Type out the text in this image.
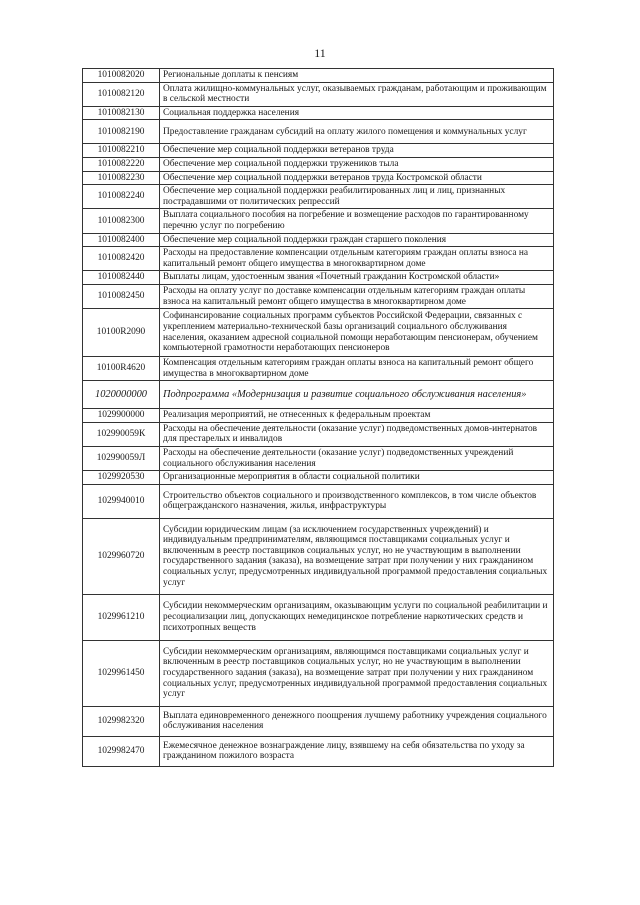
11
1010082020	Региональные доплаты к пенсиям
1010082120	Оплата жилищно-коммунальных услуг, оказываемых гражданам, работающим и проживающим в сельской местности
1010082130	Социальная поддержка населения
1010082190	Предоставление гражданам субсидий на оплату жилого помещения и коммунальных услуг
1010082210	Обеспечение мер социальной поддержки ветеранов труда
1010082220	Обеспечение мер социальной поддержки тружеников тыла
1010082230	Обеспечение мер социальной поддержки ветеранов труда Костромской области
1010082240	Обеспечение мер социальной поддержки реабилитированных лиц и лиц, признанных пострадавшими от политических репрессий
1010082300	Выплата социального пособия на погребение и возмещение расходов по гарантированному перечню услуг по погребению
1010082400	Обеспечение мер социальной поддержки граждан старшего поколения
1010082420	Расходы на предоставление компенсации отдельным категориям граждан оплаты взноса на капитальный ремонт общего имущества в многоквартирном доме
1010082440	Выплаты лицам, удостоенным звания «Почетный гражданин Костромской области»
1010082450	Расходы на оплату услуг по доставке компенсации отдельным категориям граждан оплаты взноса на капитальный ремонт общего имущества в многоквартирном доме
10100R2090	Софинансирование социальных программ субъектов Российской Федерации, связанных с укреплением материально-технической базы организаций социального обслуживания населения, оказанием адресной социальной помощи неработающим пенсионерам, обучением компьютерной грамотности неработающих пенсионеров
10100R4620	Компенсация отдельным категориям граждан оплаты взноса на капитальный ремонт общего имущества в многоквартирном доме
1020000000	Подпрограмма «Модернизация и развитие социального обслуживания населения»
1029900000	Реализация мероприятий, не отнесенных к федеральным проектам
102990059К	Расходы на обеспечение деятельности (оказание услуг) подведомственных домов-интернатов для престарелых и инвалидов
102990059Л	Расходы на обеспечение деятельности (оказание услуг) подведомственных учреждений социального обслуживания населения
1029920530	Организационные мероприятия в области социальной политики
1029940010	Строительство объектов социального и производственного комплексов, в том числе объектов общегражданского назначения, жилья, инфраструктуры
1029960720	Субсидии юридическим лицам (за исключением государственных учреждений) и индивидуальным предпринимателям, являющимся поставщиками социальных услуг и включенным в реестр поставщиков социальных услуг, но не участвующим в выполнении государственного задания (заказа), на возмещение затрат при получении у них гражданином социальных услуг, предусмотренных индивидуальной программой предоставления социальных услуг
1029961210	Субсидии некоммерческим организациям, оказывающим услуги по социальной реабилитации и ресоциализации лиц, допускающих немедицинское потребление наркотических средств и психотропных веществ
1029961450	Субсидии некоммерческим организациям, являющимся поставщиками социальных услуг и включенным в реестр поставщиков социальных услуг, но не участвующим в выполнении государственного задания (заказа), на возмещение затрат при получении у них гражданином социальных услуг, предусмотренных индивидуальной программой предоставления социальных услуг
1029982320	Выплата единовременного денежного поощрения лучшему работнику учреждения социального обслуживания населения
1029982470	Ежемесячное денежное вознаграждение лицу, взявшему на себя обязательства по уходу за гражданином пожилого возраста
